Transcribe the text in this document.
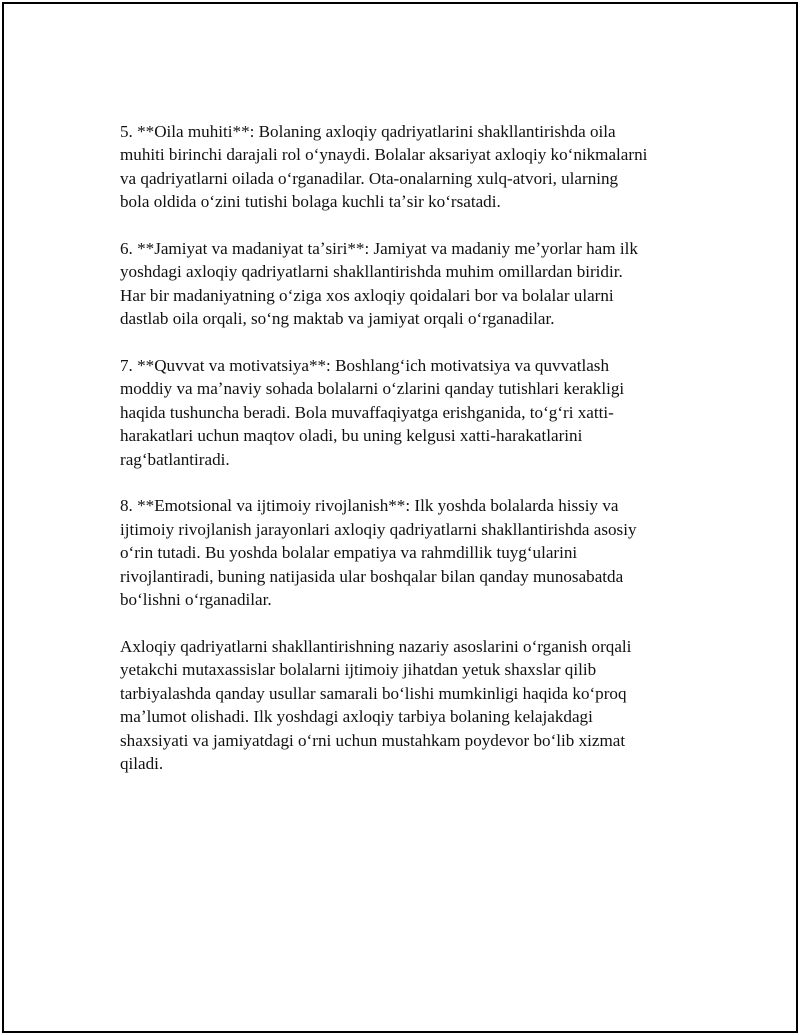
5. **Oila muhiti**: Bolaning axloqiy qadriyatlarini shakllantirishda oila
muhiti birinchi darajali rol oʻynaydi. Bolalar aksariyat axloqiy koʻnikmalarni
va qadriyatlarni oilada oʻrganadilar. Ota-onalarning xulq-atvori, ularning
bola oldida oʻzini tutishi bolaga kuchli taʼsir koʻrsatadi.

6. **Jamiyat va madaniyat taʼsiri**: Jamiyat va madaniy meʼyorlar ham ilk
yoshdagi axloqiy qadriyatlarni shakllantirishda muhim omillardan biridir.
Har bir madaniyatning oʻziga xos axloqiy qoidalari bor va bolalar ularni
dastlab oila orqali, soʻng maktab va jamiyat orqali oʻrganadilar.

7. **Quvvat va motivatsiya**: Boshlangʻich motivatsiya va quvvatlash
moddiy va maʼnaviy sohada bolalarni oʻzlarini qanday tutishlari kerakligi
haqida tushuncha beradi. Bola muvaffaqiyatga erishganida, toʻgʻri xatti-
harakatlari uchun maqtov oladi, bu uning kelgusi xatti-harakatlarini
ragʻbatlantiradi.

8. **Emotsional va ijtimoiy rivojlanish**: Ilk yoshda bolalarda hissiy va
ijtimoiy rivojlanish jarayonlari axloqiy qadriyatlarni shakllantirishda asosiy
oʻrin tutadi. Bu yoshda bolalar empatiya va rahmdillik tuygʻularini
rivojlantiradi, buning natijasida ular boshqalar bilan qanday munosabatda
boʻlishni oʻrganadilar.

Axloqiy qadriyatlarni shakllantirishning nazariy asoslarini oʻrganish orqali
yetakchi mutaxassislar bolalarni ijtimoiy jihatdan yetuk shaxslar qilib
tarbiyalashda qanday usullar samarali boʻlishi mumkinligi haqida koʻproq
maʼlumot olishadi. Ilk yoshdagi axloqiy tarbiya bolaning kelajakdagi
shaxsiyati va jamiyatdagi oʻrni uchun mustahkam poydevor boʻlib xizmat
qiladi.
